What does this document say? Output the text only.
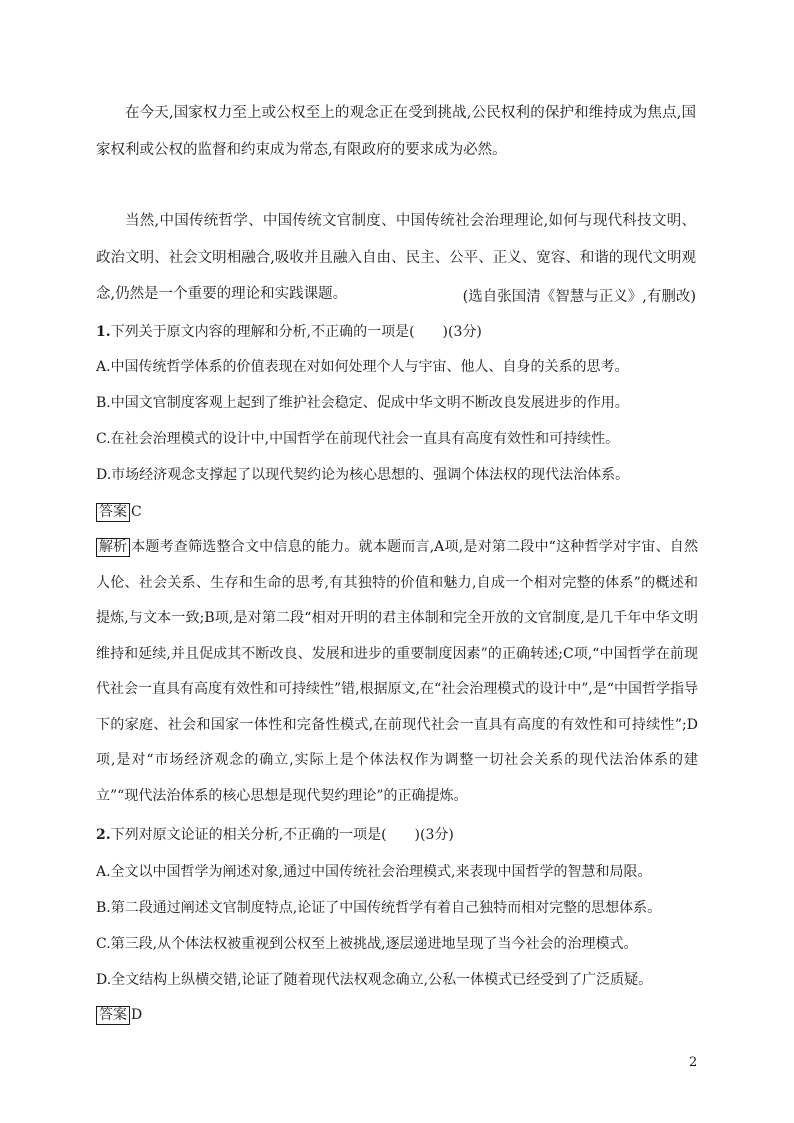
在今天,国家权力至上或公权至上的观念正在受到挑战,公民权利的保护和维持成为焦点,国家权利或公权的监督和约束成为常态,有限政府的要求成为必然。
当然,中国传统哲学、中国传统文官制度、中国传统社会治理理论,如何与现代科技文明、政治文明、社会文明相融合,吸收并且融入自由、民主、公平、正义、宽容、和谐的现代文明观念,仍然是一个重要的理论和实践课题。	(选自张国清《智慧与正义》,有删改)
1.下列关于原文内容的理解和分析,不正确的一项是(　　)(3分)
A.中国传统哲学体系的价值表现在对如何处理个人与宇宙、他人、自身的关系的思考。
B.中国文官制度客观上起到了维护社会稳定、促成中华文明不断改良发展进步的作用。
C.在社会治理模式的设计中,中国哲学在前现代社会一直具有高度有效性和可持续性。
D.市场经济观念支撑起了以现代契约论为核心思想的、强调个体法权的现代法治体系。
答案 C
解析 本题考查筛选整合文中信息的能力。就本题而言,A项,是对第二段中“这种哲学对宇宙、自然人伦、社会关系、生存和生命的思考,有其独特的价值和魅力,自成一个相对完整的体系”的概述和提炼,与文本一致;B项,是对第二段“相对开明的君主体制和完全开放的文官制度,是几千年中华文明维持和延续,并且促成其不断改良、发展和进步的重要制度因素”的正确转述;C项,“中国哲学在前现代社会一直具有高度有效性和可持续性”错,根据原文,在“社会治理模式的设计中”,是“中国哲学指导下的家庭、社会和国家一体性和完备性模式,在前现代社会一直具有高度的有效性和可持续性”;D项,是对“市场经济观念的确立,实际上是个体法权作为调整一切社会关系的现代法治体系的建立”“现代法治体系的核心思想是现代契约理论”的正确提炼。
2.下列对原文论证的相关分析,不正确的一项是(　　)(3分)
A.全文以中国哲学为阐述对象,通过中国传统社会治理模式,来表现中国哲学的智慧和局限。
B.第二段通过阐述文官制度特点,论证了中国传统哲学有着自己独特而相对完整的思想体系。
C.第三段,从个体法权被重视到公权至上被挑战,逐层递进地呈现了当今社会的治理模式。
D.全文结构上纵横交错,论证了随着现代法权观念确立,公私一体模式已经受到了广泛质疑。
答案 D
2
